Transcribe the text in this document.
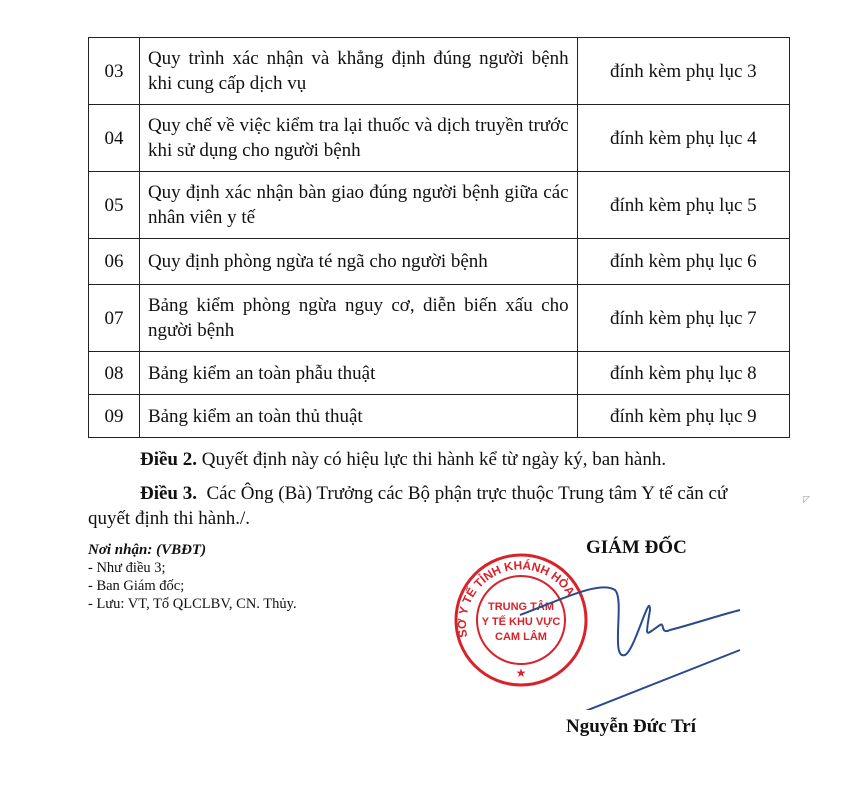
03	Quy trình xác nhận và khẳng định đúng người bệnh khi cung cấp dịch vụ	đính kèm phụ lục 3
04	Quy chế về việc kiểm tra lại thuốc và dịch truyền trước khi sử dụng cho người bệnh	đính kèm phụ lục 4
05	Quy định xác nhận bàn giao đúng người bệnh giữa các nhân viên y tế	đính kèm phụ lục 5
06	Quy định phòng ngừa té ngã cho người bệnh	đính kèm phụ lục 6
07	Bảng kiểm phòng ngừa nguy cơ, diễn biến xấu cho người bệnh	đính kèm phụ lục 7
08	Bảng kiểm an toàn phẫu thuật	đính kèm phụ lục 8
09	Bảng kiểm an toàn thủ thuật	đính kèm phụ lục 9
Điều 2. Quyết định này có hiệu lực thi hành kể từ ngày ký, ban hành.
Điều 3.  Các Ông (Bà) Trưởng các Bộ phận trực thuộc Trung tâm Y tế căn cứ
quyết định thi hành./.
◸
Nơi nhận: (VBĐT)
- Như điều 3;
- Ban Giám đốc;
- Lưu: VT, Tổ QLCLBV, CN. Thủy.
GIÁM ĐỐC
SỞ Y TẾ TỈNH KHÁNH HÒA
TRUNG TÂM
Y TẾ KHU VỰC
CAM LÂM
★
Nguyễn Đức Trí
